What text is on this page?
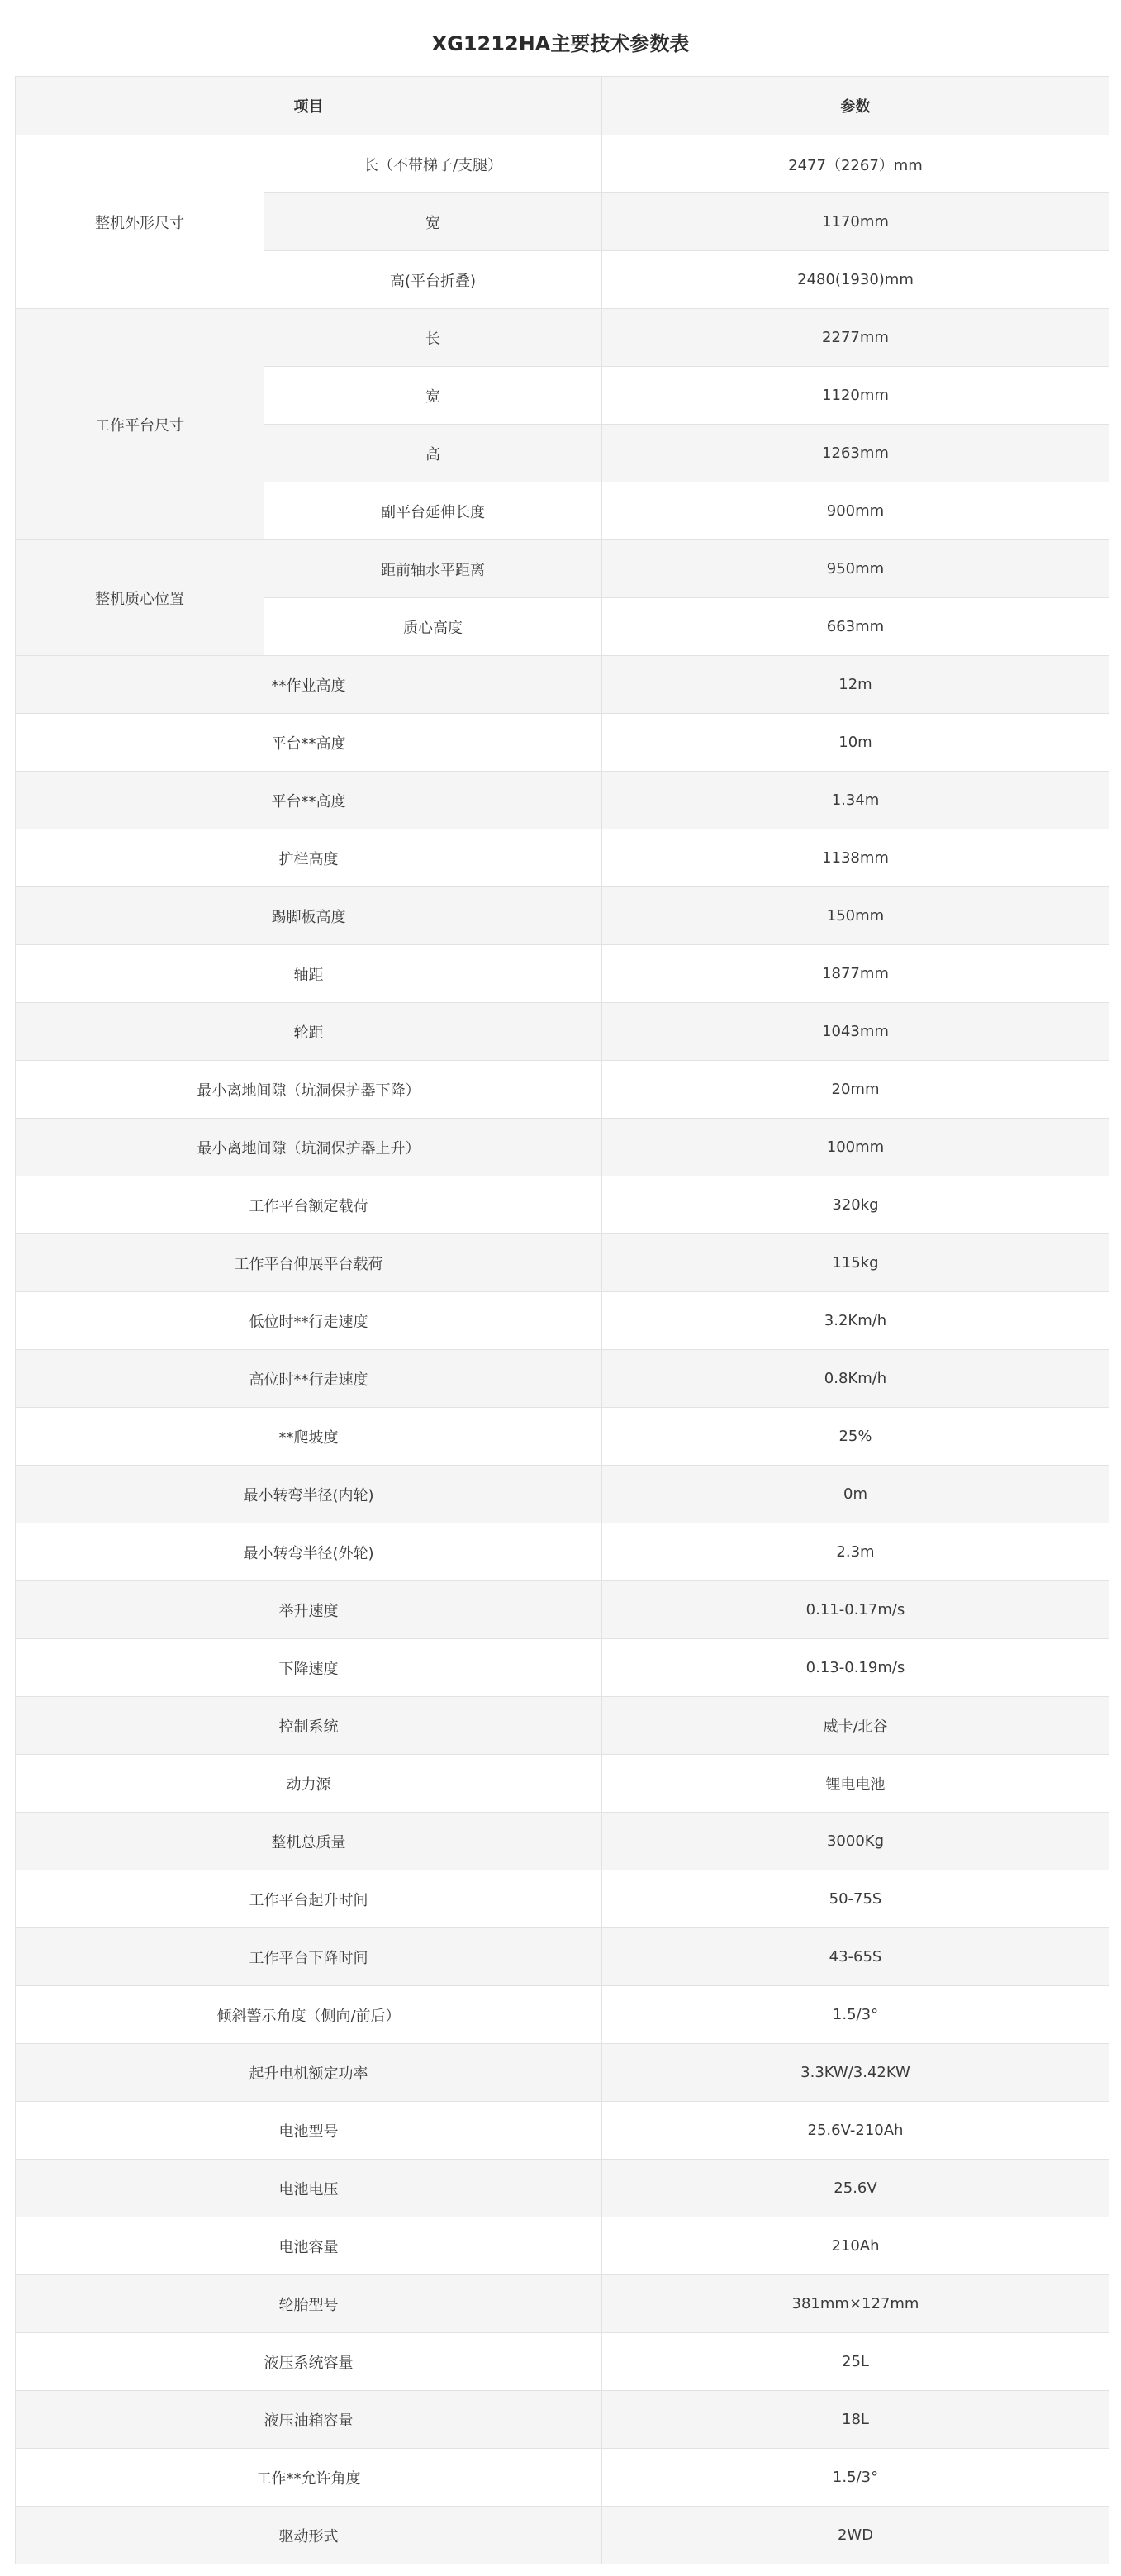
XG1212HA主要技术参数表
项目		参数
整机外形尺寸	长（不带梯子/支腿）	2477（2267）mm
	宽	1170mm
	高(平台折叠)	2480(1930)mm
工作平台尺寸	长	2277mm
	宽	1120mm
	高	1263mm
	副平台延伸长度	900mm
整机质心位置	距前轴水平距离	950mm
	质心高度	663mm
**作业高度		12m
平台**高度		10m
平台**高度		1.34m
护栏高度		1138mm
踢脚板高度		150mm
轴距		1877mm
轮距		1043mm
最小离地间隙（坑洞保护器下降）		20mm
最小离地间隙（坑洞保护器上升）		100mm
工作平台额定载荷		320kg
工作平台伸展平台载荷		115kg
低位时**行走速度		3.2Km/h
高位时**行走速度		0.8Km/h
**爬坡度		25%
最小转弯半径(内轮)		0m
最小转弯半径(外轮)		2.3m
举升速度		0.11-0.17m/s
下降速度		0.13-0.19m/s
控制系统		威卡/北谷
动力源		锂电电池
整机总质量		3000Kg
工作平台起升时间		50-75S
工作平台下降时间		43-65S
倾斜警示角度（侧向/前后）		1.5/3°
起升电机额定功率		3.3KW/3.42KW
电池型号		25.6V-210Ah
电池电压		25.6V
电池容量		210Ah
轮胎型号		381mm×127mm
液压系统容量		25L
液压油箱容量		18L
工作**允许角度		1.5/3°
驱动形式		2WD
